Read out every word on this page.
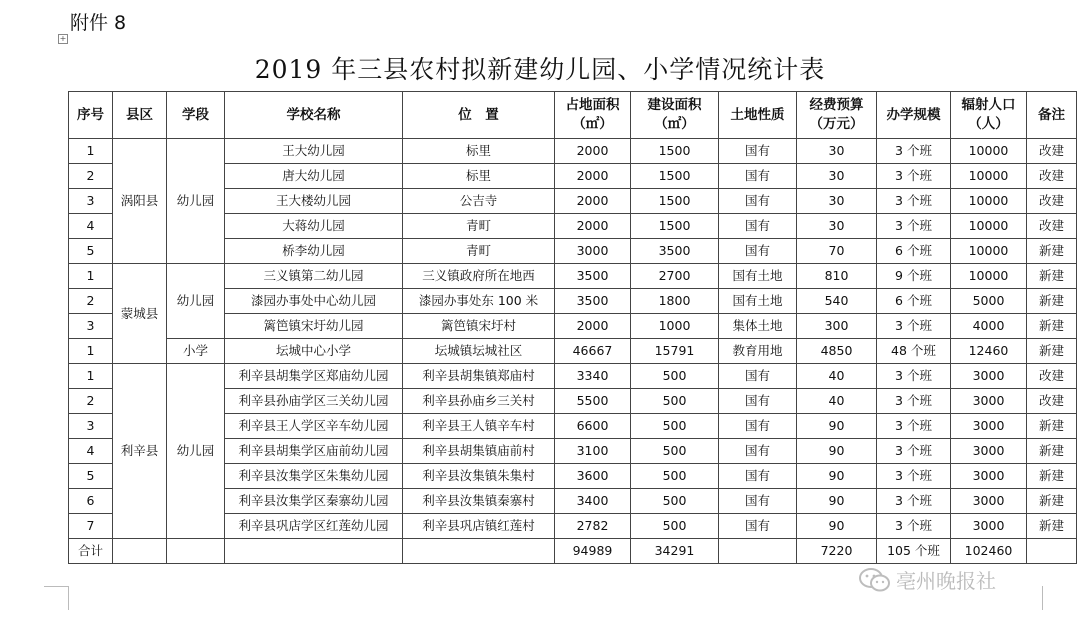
附件 8
+
2019 年三县农村拟新建幼儿园、小学情况统计表
序号	县区	学段	学校名称	位　置	占地面积（㎡）	建设面积（㎡）	土地性质	经费预算（万元）	办学规模	辐射人口（人）	备注
1	涡阳县	幼儿园	王大幼儿园	标里	2000	1500	国有	30	3 个班	10000	改建
2			唐大幼儿园	标里	2000	1500	国有	30	3 个班	10000	改建
3			王大楼幼儿园	公吉寺	2000	1500	国有	30	3 个班	10000	改建
4			大蒋幼儿园	青町	2000	1500	国有	30	3 个班	10000	改建
5			桥李幼儿园	青町	3000	3500	国有	70	6 个班	10000	新建
1	蒙城县	幼儿园	三义镇第二幼儿园	三义镇政府所在地西	3500	2700	国有土地	810	9 个班	10000	新建
2			漆园办事处中心幼儿园	漆园办事处东 100 米	3500	1800	国有土地	540	6 个班	5000	新建
3			篱笆镇宋圩幼儿园	篱笆镇宋圩村	2000	1000	集体土地	300	3 个班	4000	新建
1		小学	坛城中心小学	坛城镇坛城社区	46667	15791	教育用地	4850	48 个班	12460	新建
1	利辛县	幼儿园	利辛县胡集学区郑庙幼儿园	利辛县胡集镇郑庙村	3340	500	国有	40	3 个班	3000	改建
2			利辛县孙庙学区三关幼儿园	利辛县孙庙乡三关村	5500	500	国有	40	3 个班	3000	改建
3			利辛县王人学区辛车幼儿园	利辛县王人镇辛车村	6600	500	国有	90	3 个班	3000	新建
4			利辛县胡集学区庙前幼儿园	利辛县胡集镇庙前村	3100	500	国有	90	3 个班	3000	新建
5			利辛县汝集学区朱集幼儿园	利辛县汝集镇朱集村	3600	500	国有	90	3 个班	3000	新建
6			利辛县汝集学区秦寨幼儿园	利辛县汝集镇秦寨村	3400	500	国有	90	3 个班	3000	新建
7			利辛县巩店学区红莲幼儿园	利辛县巩店镇红莲村	2782	500	国有	90	3 个班	3000	新建
合计					94989	34291		7220	105 个班	102460	
亳州晚报社
